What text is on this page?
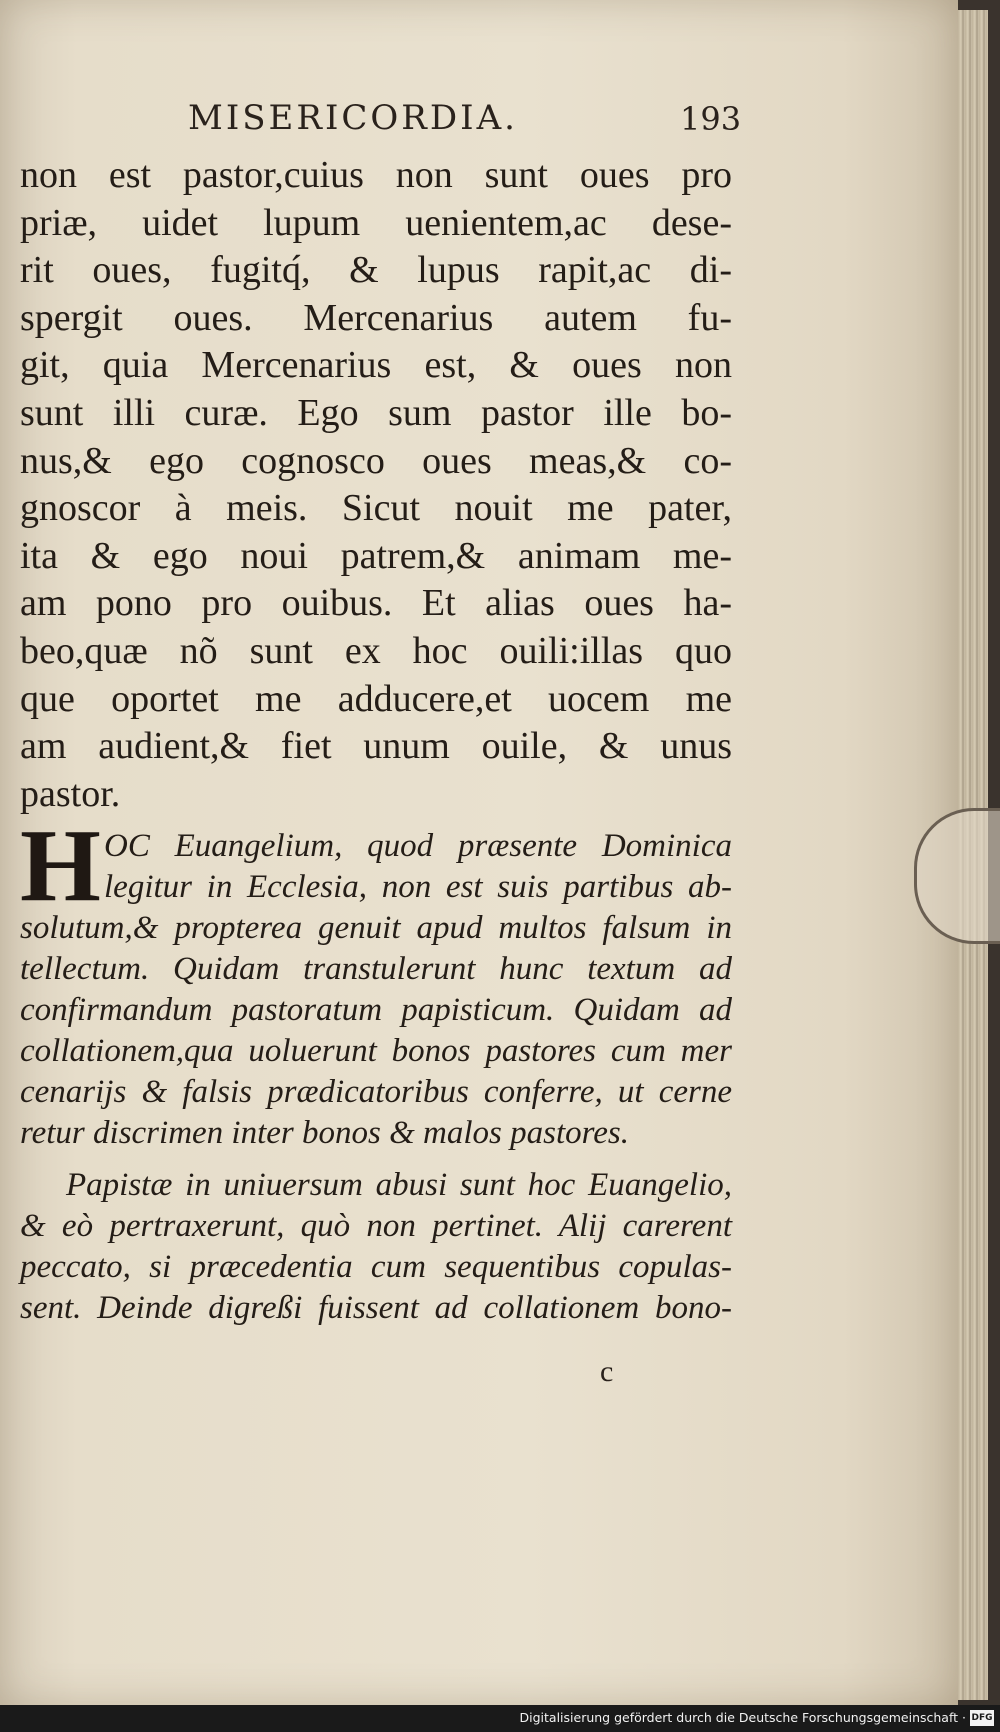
MISERICORDIA.	193
non est pastor,cuius non sunt oues pro
priæ, uidet lupum uenientem,ac dese-
rit oues, fugitq́, & lupus rapit,ac di-
spergit oues. Mercenarius autem fu-
git, quia Mercenarius est, & oues non
sunt illi curæ. Ego sum pastor ille bo-
nus,& ego cognosco oues meas,& co-
gnoscor à meis. Sicut nouit me pater,
ita & ego noui patrem,& animam me-
am pono pro ouibus. Et alias oues ha-
beo,quæ nõ sunt ex hoc ouili:illas quo
que oportet me adducere,et uocem me
am audient,& fiet unum ouile, & unus
pastor.
H OC Euangelium, quod præsente Dominica
legitur in Ecclesia, non est suis partibus ab-
solutum,& propterea genuit apud multos falsum in
tellectum. Quidam transtulerunt hunc textum ad
confirmandum pastoratum papisticum. Quidam ad
collationem,qua uoluerunt bonos pastores cum mer
cenarijs & falsis prædicatoribus conferre, ut cerne
retur discrimen inter bonos & malos pastores.
Papistæ in uniuersum abusi sunt hoc Euangelio,
& eò pertraxerunt, quò non pertinet. Alij carerent
peccato, si præcedentia cum sequentibus copulas-
sent. Deinde digreßi fuissent ad collationem bono-
c
Digitalisierung gefördert durch die Deutsche Forschungsgemeinschaft · DFG
